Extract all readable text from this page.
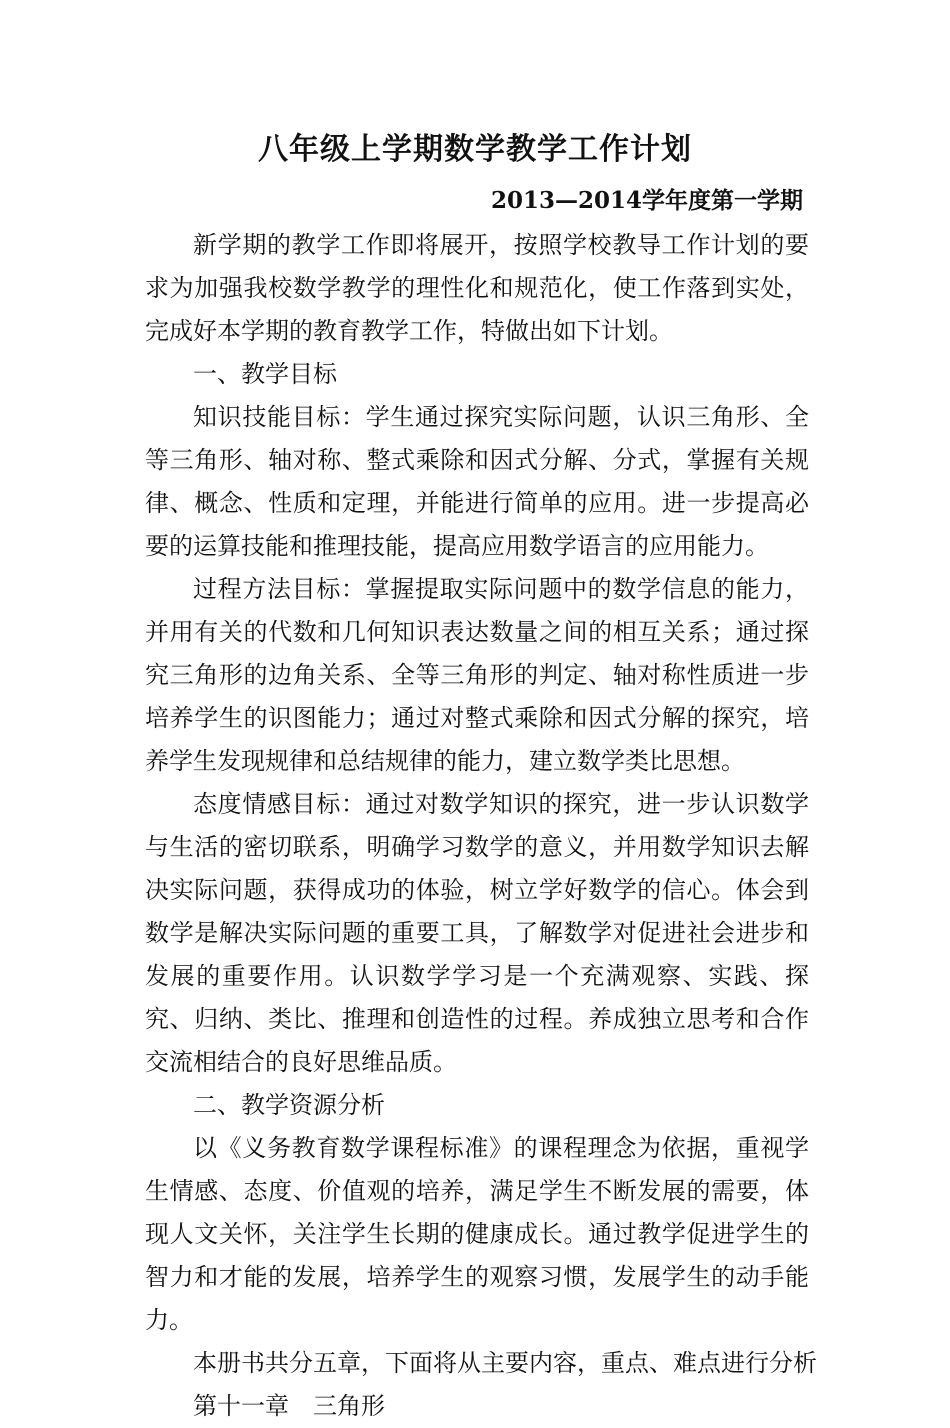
八年级上学期数学教学工作计划
2013—2014学年度第一学期

新学期的教学工作即将展开，按照学校教导工作计划的要求为加强我校数学教学的理性化和规范化，使工作落到实处，完成好本学期的教育教学工作，特做出如下计划。

一、教学目标

知识技能目标：学生通过探究实际问题，认识三角形、全等三角形、轴对称、整式乘除和因式分解、分式，掌握有关规律、概念、性质和定理，并能进行简单的应用。进一步提高必要的运算技能和推理技能，提高应用数学语言的应用能力。

过程方法目标：掌握提取实际问题中的数学信息的能力，并用有关的代数和几何知识表达数量之间的相互关系；通过探究三角形的边角关系、全等三角形的判定、轴对称性质进一步培养学生的识图能力；通过对整式乘除和因式分解的探究，培养学生发现规律和总结规律的能力，建立数学类比思想。

态度情感目标：通过对数学知识的探究，进一步认识数学与生活的密切联系，明确学习数学的意义，并用数学知识去解决实际问题，获得成功的体验，树立学好数学的信心。体会到数学是解决实际问题的重要工具，了解数学对促进社会进步和发展的重要作用。认识数学学习是一个充满观察、实践、探究、归纳、类比、推理和创造性的过程。养成独立思考和合作交流相结合的良好思维品质。

二、教学资源分析

以《义务教育数学课程标准》的课程理念为依据，重视学生情感、态度、价值观的培养，满足学生不断发展的需要，体现人文关怀，关注学生长期的健康成长。通过教学促进学生的智力和才能的发展，培养学生的观察习惯，发展学生的动手能力。

本册书共分五章，下面将从主要内容，重点、难点进行分析

第十一章　三角形
